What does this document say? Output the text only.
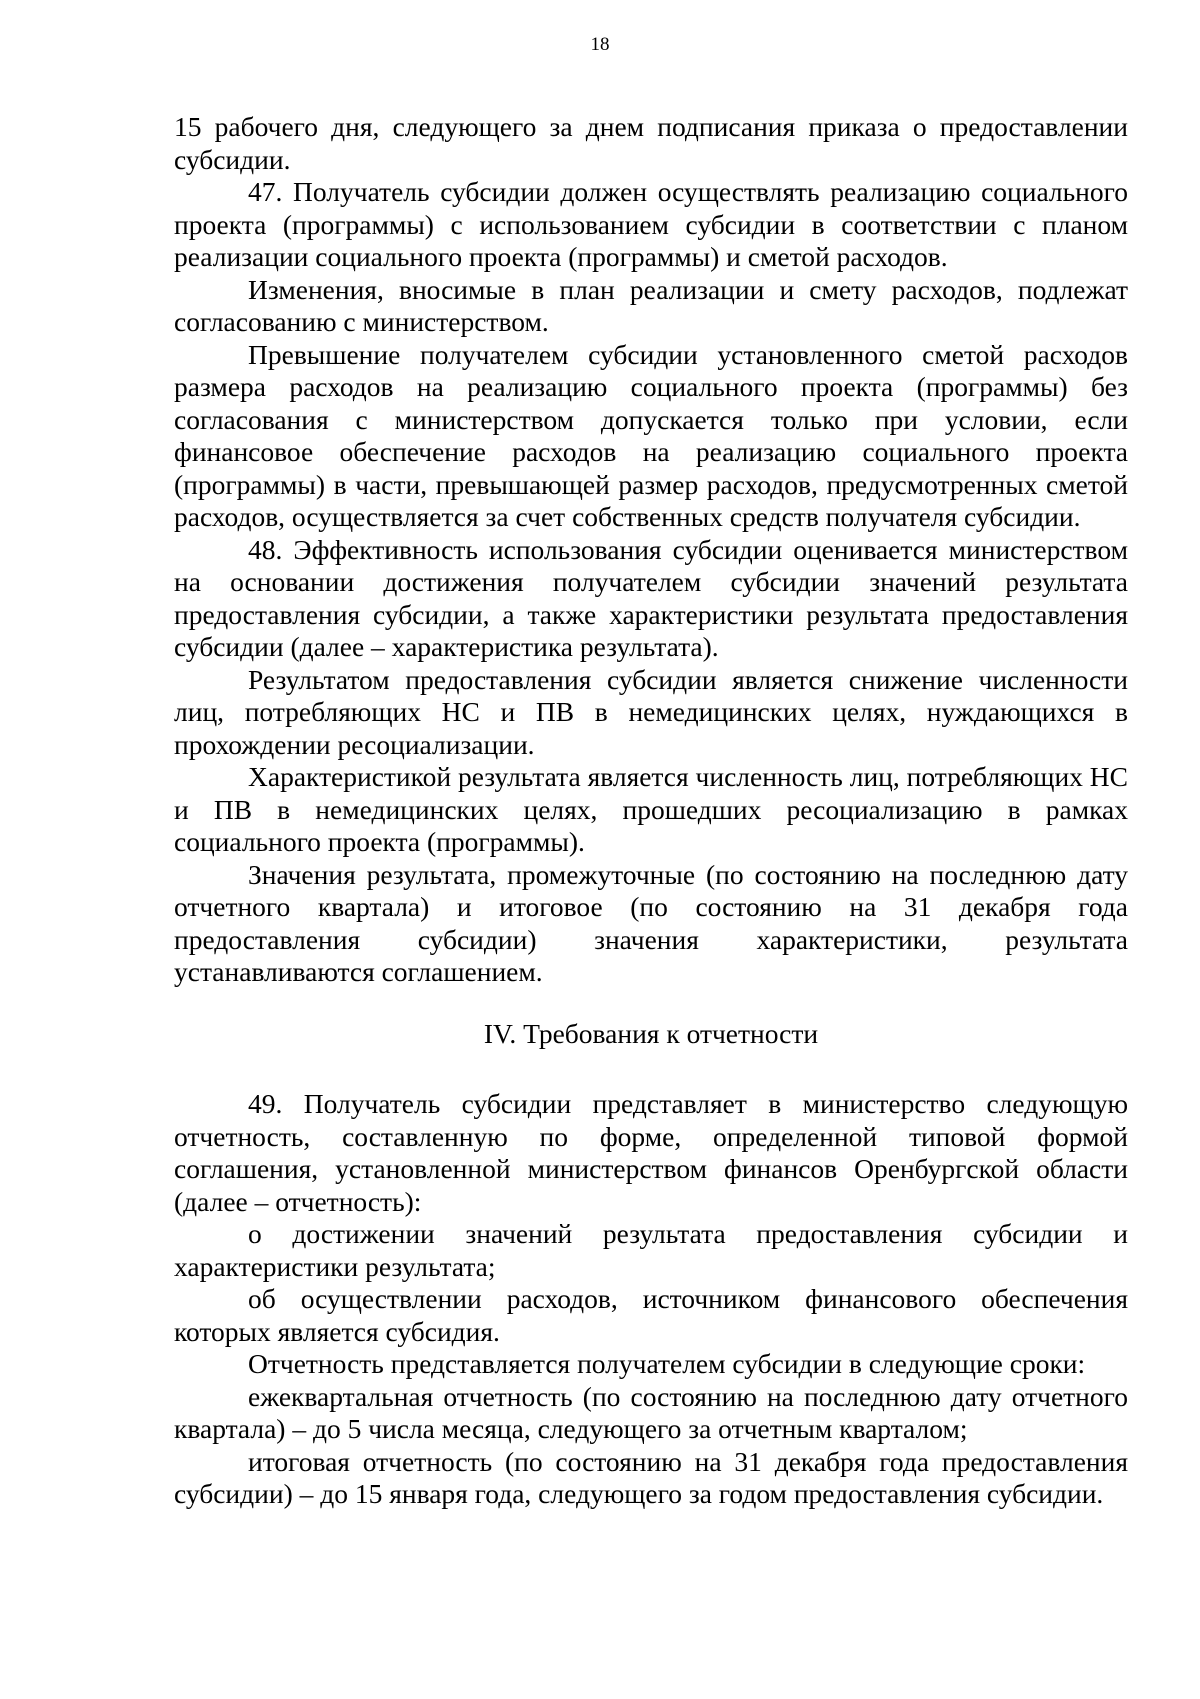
18

15 рабочего дня, следующего за днем подписания приказа о предоставлении субсидии.

47. Получатель субсидии должен осуществлять реализацию социального проекта (программы) с использованием субсидии в соответствии с планом реализации социального проекта (программы) и сметой расходов.

Изменения, вносимые в план реализации и смету расходов, подлежат согласованию с министерством.

Превышение получателем субсидии установленного сметой расходов размера расходов на реализацию социального проекта (программы) без согласования с министерством допускается только при условии, если финансовое обеспечение расходов на реализацию социального проекта (программы) в части, превышающей размер расходов, предусмотренных сметой расходов, осуществляется за счет собственных средств получателя субсидии.

48. Эффективность использования субсидии оценивается министерством на основании достижения получателем субсидии значений результата предоставления субсидии, а также характеристики результата предоставления субсидии (далее – характеристика результата).

Результатом предоставления субсидии является снижение численности лиц, потребляющих НС и ПВ в немедицинских целях, нуждающихся в прохождении ресоциализации.

Характеристикой результата является численность лиц, потребляющих НС и ПВ в немедицинских целях, прошедших ресоциализацию в рамках социального проекта (программы).

Значения результата, промежуточные (по состоянию на последнюю дату отчетного квартала) и итоговое (по состоянию на 31 декабря года предоставления субсидии) значения характеристики, результата устанавливаются соглашением.

IV. Требования к отчетности

49. Получатель субсидии представляет в министерство следующую отчетность, составленную по форме, определенной типовой формой соглашения, установленной министерством финансов Оренбургской области (далее – отчетность):

о достижении значений результата предоставления субсидии и характеристики результата;

об осуществлении расходов, источником финансового обеспечения которых является субсидия.

Отчетность представляется получателем субсидии в следующие сроки:

ежеквартальная отчетность (по состоянию на последнюю дату отчетного квартала) – до 5 числа месяца, следующего за отчетным кварталом;

итоговая отчетность (по состоянию на 31 декабря года предоставления субсидии) – до 15 января года, следующего за годом предоставления субсидии.
